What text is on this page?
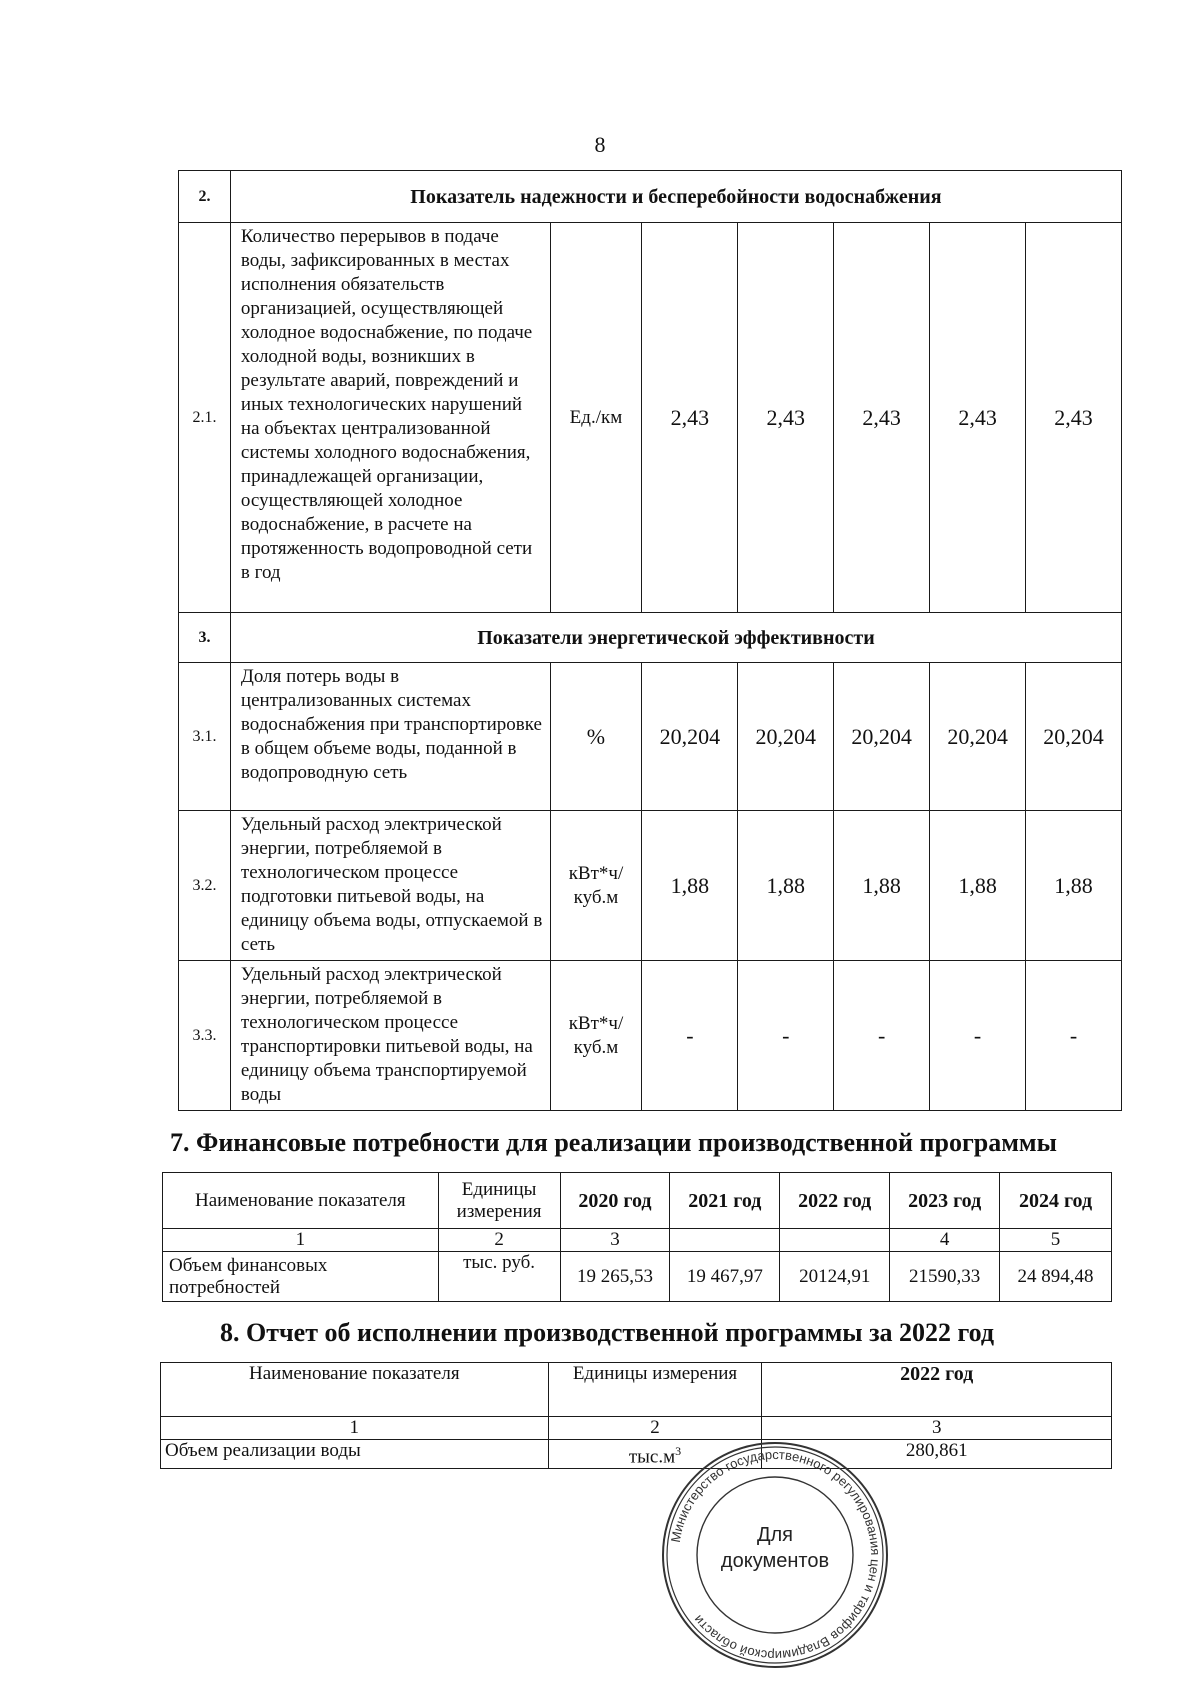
8
2.	Показатель надежности и бесперебойности водоснабжения						
2.1.	Количество перерывов в подаче воды, зафиксированных в местах исполнения обязательств организацией, осуществляющей холодное водоснабжение, по подаче холодной воды, возникших в результате аварий, повреждений и иных технологических нарушений на объектах централизованной системы холодного водоснабжения, принадлежащей организации, осуществляющей холодное водоснабжение, в расчете на протяженность водопроводной сети в год	Ед./км	2,43	2,43	2,43	2,43	2,43
3.	Показатели энергетической эффективности						
3.1.	Доля потерь воды в централизованных системах водоснабжения при транспортировке в общем объеме воды, поданной в водопроводную сеть	%	20,204	20,204	20,204	20,204	20,204
3.2.	Удельный расход электрической энергии, потребляемой в технологическом процессе подготовки питьевой воды, на единицу объема воды, отпускаемой в сеть	кВт*ч/ куб.м	1,88	1,88	1,88	1,88	1,88
3.3.	Удельный расход электрической энергии, потребляемой в технологическом процессе транспортировки питьевой воды, на единицу объема транспортируемой воды	кВт*ч/ куб.м	-	-	-	-	-
7. Финансовые потребности для реализации производственной программы
Наименование показателя	Единицы измерения	2020 год	2021 год	2022 год	2023 год	2024 год
1	2	3			4	5
Объем финансовых потребностей	тыс. руб.	19 265,53	19 467,97	20124,91	21590,33	24 894,48
8. Отчет об исполнении производственной программы за 2022 год
Наименование показателя	Единицы измерения	2022 год
1	2	3
Объем реализации воды	$тыс.м^3$	280,861
Министерство государственного регулирования цен и тарифов Владимирской области
Для
документов
